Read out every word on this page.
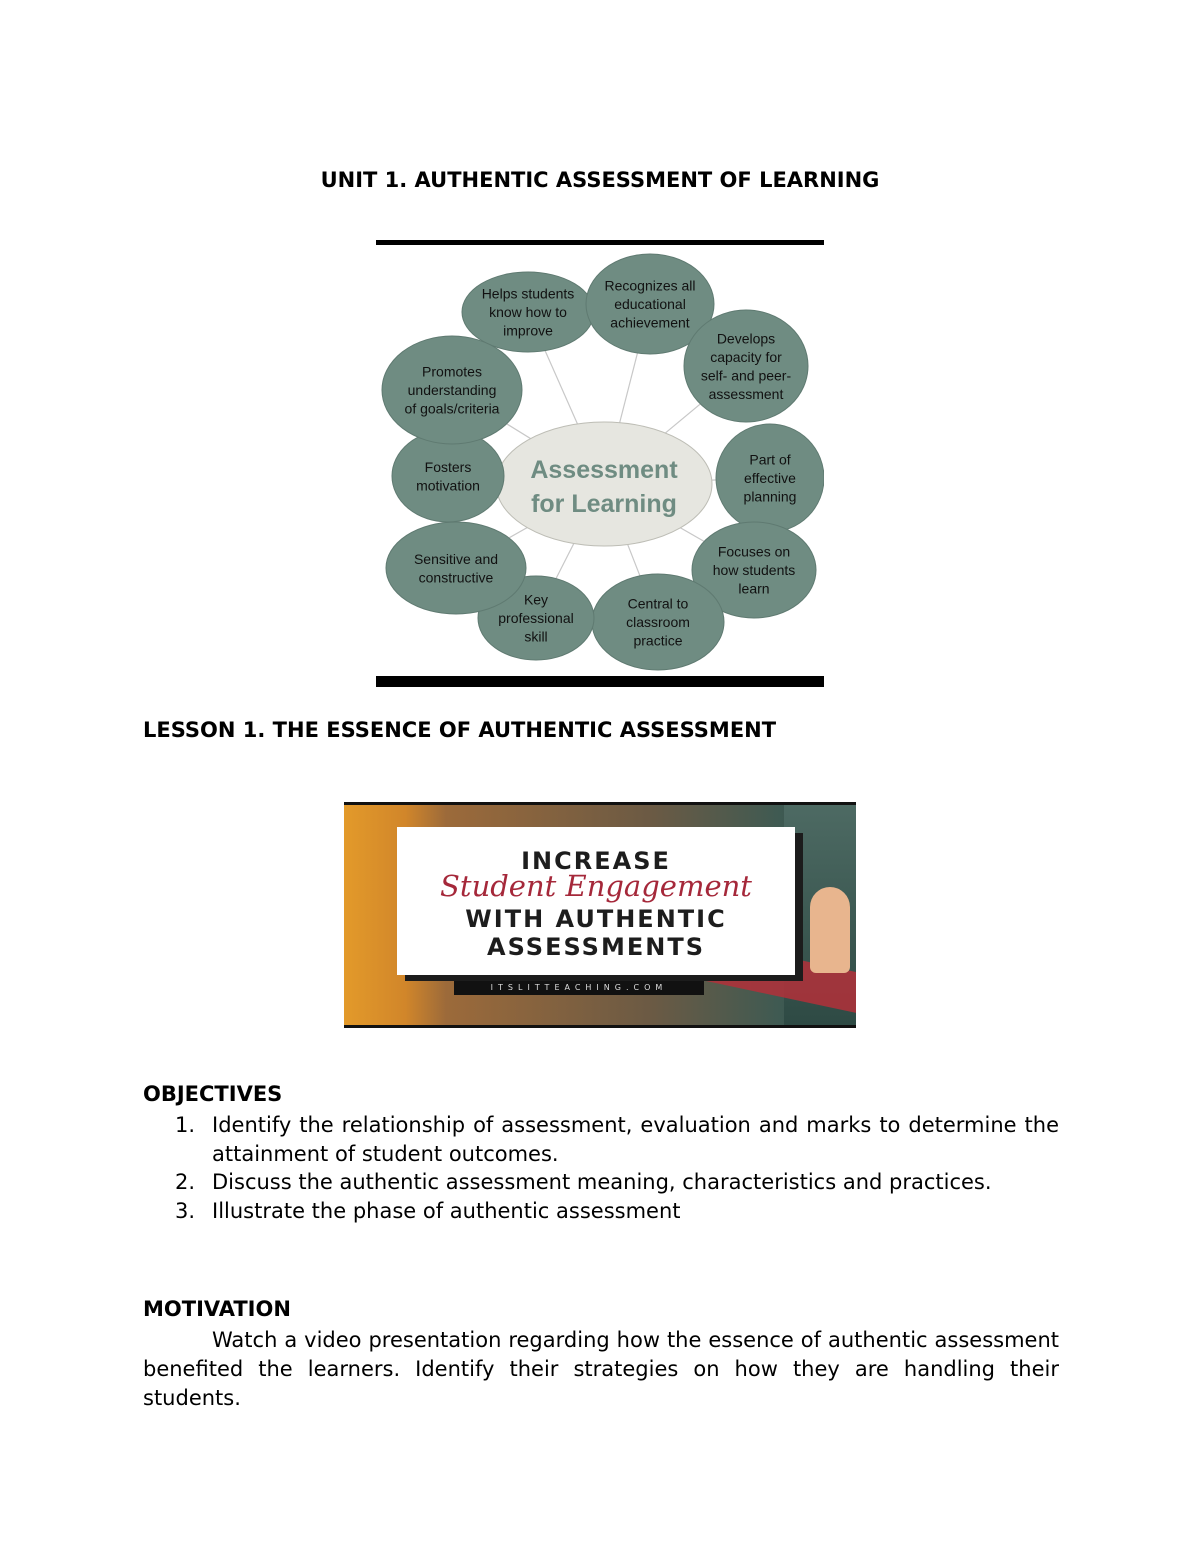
UNIT 1. AUTHENTIC ASSESSMENT OF LEARNING
Assessment
for Learning
Helps students
know how to
improve
Recognizes all
educational
achievement
Develops
capacity for
self- and peer-
assessment
Part of
effective
planning
Focuses on
how students
learn
Central to
classroom
practice
Key
professional
skill
Sensitive and
constructive
Fosters
motivation
Promotes
understanding
of goals/criteria
LESSON 1. THE ESSENCE OF AUTHENTIC ASSESSMENT
INCREASE
Student Engagement
WITH AUTHENTIC
ASSESSMENTS
ITSLITTEACHING.COM
OBJECTIVES
1. Identify the relationship of assessment, evaluation and marks to determine the attainment of student outcomes.
2. Discuss the authentic assessment meaning, characteristics and practices.
3. Illustrate the phase of authentic assessment
MOTIVATION
Watch a video presentation regarding how the essence of authentic assessment benefited the learners. Identify their strategies on how they are handling their students.
